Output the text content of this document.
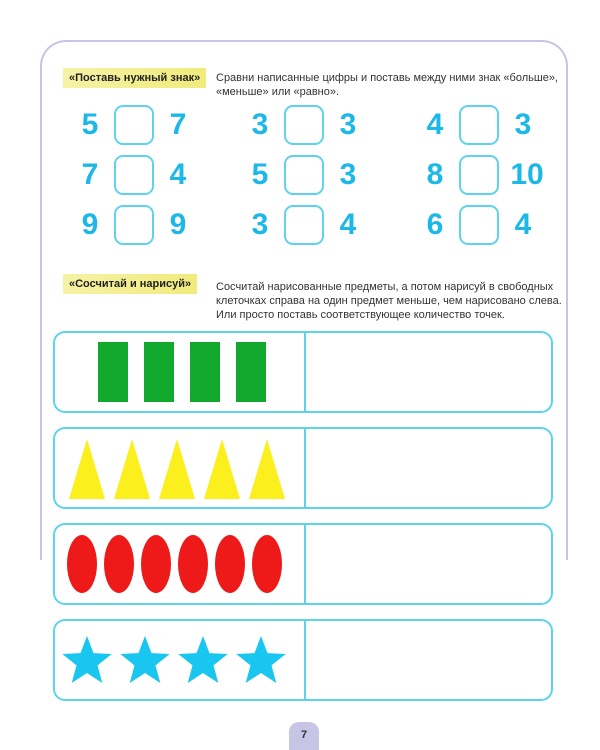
«Поставь нужный знак»	Сравни написанные цифры и поставь между ними знак «больше»,
«меньше» или «равно».
5	7	3	3	4	3
7	4	5	3	8	10
9	9	3	4	6	4
«Сосчитай и нарисуй»	Сосчитай нарисованные предметы, а потом нарисуй в свободных
клеточках справа на один предмет меньше, чем нарисовано слева.
Или просто поставь соответствующее количество точек.
7
